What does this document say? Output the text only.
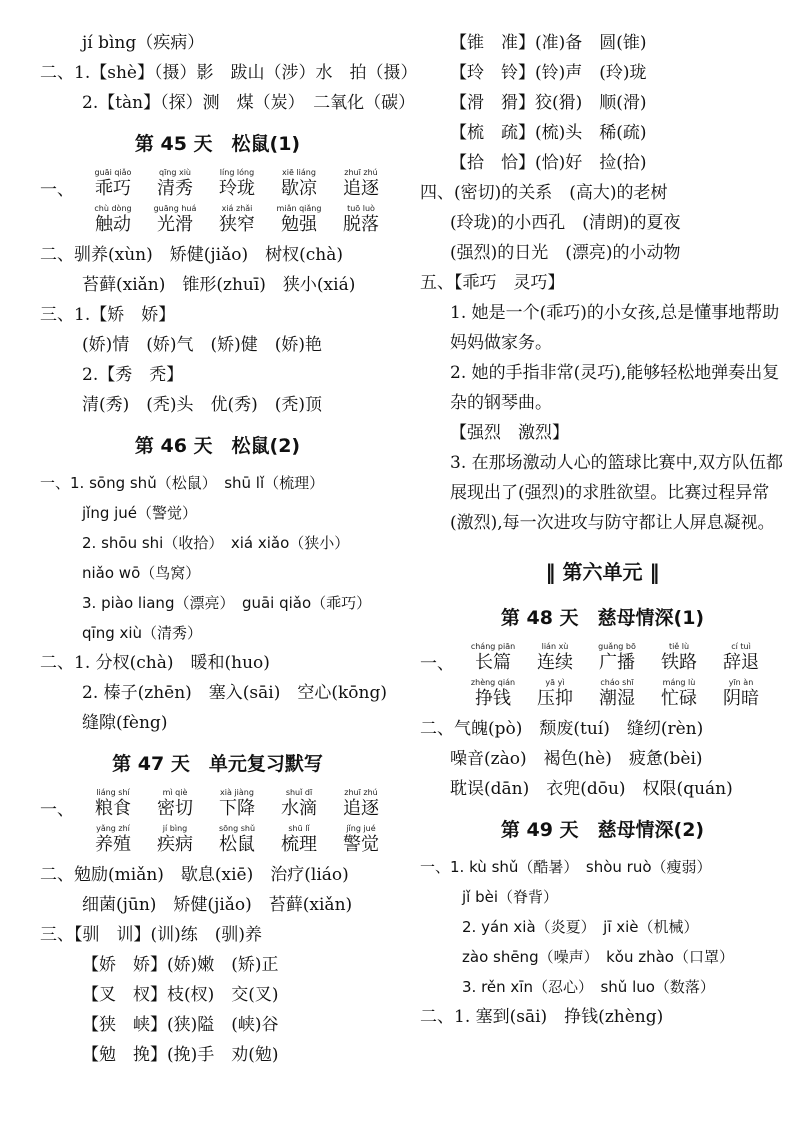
jí bìng（疾病）
二、1.【shè】（摄）影　跋山（涉）水　拍（摄）
2.【tàn】（探）测　煤（炭）　二氧化（碳）
第 45 天　松鼠(1)
一、
guāi qiǎo
乖巧
qīng xiù
清秀
líng lóng
玲珑
xiē liáng
歇凉
zhuī zhú
追逐
chù dòng
触动
guāng huá
光滑
xiá zhǎi
狭窄
miǎn qiǎng
勉强
tuō luò
脱落
二、驯养(xùn)　矫健(jiǎo)　树杈(chà)
苔藓(xiǎn)　锥形(zhuī)　狭小(xiá)
三、1.【矫　娇】
(娇)情　(娇)气　(矫)健　(娇)艳
2.【秀　秃】
清(秀)　(秃)头　优(秀)　(秃)顶
第 46 天　松鼠(2)
一、1. sōng shǔ（松鼠）　shū lǐ（梳理）
jǐng jué（警觉）
2. shōu shi（收拾）　xiá xiǎo（狭小）
niǎo wō（鸟窝）
3. piào liang（漂亮）　guāi qiǎo（乖巧）
qīng xiù（清秀）
二、1. 分杈(chà)　暖和(huo)
2. 榛子(zhēn)　塞入(sāi)　空心(kōng)
缝隙(fèng)
第 47 天　单元复习默写
一、
liáng shí
粮食
mì qiè
密切
xià jiàng
下降
shuǐ dī
水滴
zhuī zhú
追逐
yǎng zhí
养殖
jí bìng
疾病
sōng shǔ
松鼠
shū lǐ
梳理
jǐng jué
警觉
二、勉励(miǎn)　歇息(xiē)　治疗(liáo)
细菌(jūn)　矫健(jiǎo)　苔藓(xiǎn)
三、【驯　训】(训)练　(驯)养
【娇　娇】(娇)嫩　(矫)正
【叉　杈】枝(杈)　交(叉)
【狭　峡】(狭)隘　(峡)谷
【勉　挽】(挽)手　劝(勉)
【锥　准】(准)备　圆(锥)
【玲　铃】(铃)声　(玲)珑
【滑　猾】狡(猾)　顺(滑)
【梳　疏】(梳)头　稀(疏)
【拾　恰】(恰)好　捡(拾)
四、(密切)的关系　(高大)的老树
(玲珑)的小西孔　(清朗)的夏夜
(强烈)的日光　(漂亮)的小动物
五、【乖巧　灵巧】
1. 她是一个(乖巧)的小女孩,总是懂事地帮助妈妈做家务。
2. 她的手指非常(灵巧),能够轻松地弹奏出复杂的钢琴曲。
【强烈　激烈】
3. 在那场激动人心的篮球比赛中,双方队伍都展现出了(强烈)的求胜欲望。比赛过程异常(激烈),每一次进攻与防守都让人屏息凝视。
‖ 第六单元 ‖
第 48 天　慈母情深(1)
一、
cháng piān
长篇
lián xù
连续
guǎng bō
广播
tiě lù
铁路
cí tuì
辞退
zhèng qián
挣钱
yā yì
压抑
cháo shī
潮湿
máng lù
忙碌
yīn àn
阴暗
二、气魄(pò)　颓废(tuí)　缝纫(rèn)
噪音(zào)　褐色(hè)　疲惫(bèi)
耽误(dān)　衣兜(dōu)　权限(quán)
第 49 天　慈母情深(2)
一、1. kù shǔ（酷暑）　shòu ruò（瘦弱）
jǐ bèi（脊背）
2. yán xià（炎夏）　jī xiè（机械）
zào shēng（噪声）　kǒu zhào（口罩）
3. rěn xīn（忍心）　shǔ luo（数落）
二、1. 塞到(sāi)　挣钱(zhèng)
